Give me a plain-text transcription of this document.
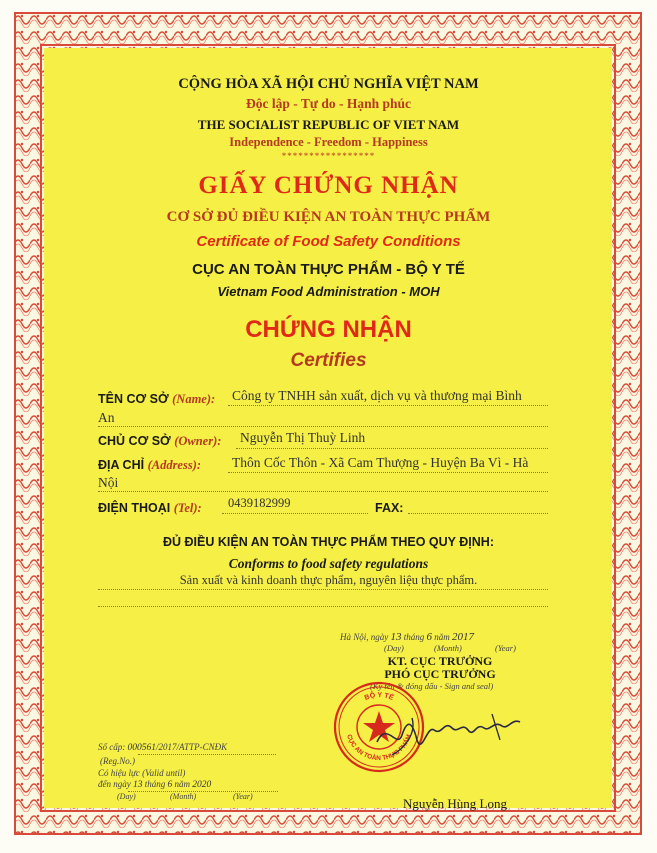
CỘNG HÒA XÃ HỘI CHỦ NGHĨA VIỆT NAM
Độc lập - Tự do - Hạnh phúc
THE SOCIALIST REPUBLIC OF VIET NAM
Independence - Freedom - Happiness
*****************
GIẤY CHỨNG NHẬN
CƠ SỞ ĐỦ ĐIỀU KIỆN AN TOÀN THỰC PHẨM
Certificate of Food Safety Conditions
CỤC AN TOÀN THỰC PHẨM - BỘ Y TẾ
Vietnam Food Administration - MOH
CHỨNG NHẬN
Certifies
TÊN CƠ SỞ (Name): Công ty TNHH sản xuất, dịch vụ và thương mại Bình
An
CHỦ CƠ SỞ (Owner): Nguyễn Thị Thuỳ Linh
ĐỊA CHỈ (Address): Thôn Cốc Thôn - Xã Cam Thượng - Huyện Ba Vì - Hà
Nội
ĐIỆN THOẠI (Tel): 0439182999	FAX:
ĐỦ ĐIỀU KIỆN AN TOÀN THỰC PHẨM THEO QUY ĐỊNH:
Conforms to food safety regulations
Sản xuất và kinh doanh thực phẩm, nguyên liệu thực phẩm.
Hà Nội, ngày 13 tháng 6 năm 2017
(Day)	(Month)	(Year)
KT. CỤC TRƯỞNG
PHÓ CỤC TRƯỞNG
(Ký tên & đóng dấu - Sign and seal)
BỘ Y TẾ
CỤC AN TOÀN THỰC PHẨM
Số cấp: 000561/2017/ATTP-CNĐK
(Reg.No.)
Có hiệu lực (Valid until)
đến ngày 13 tháng 6 năm 2020
(Day)	(Month)	(Year)	Nguyễn Hùng Long
